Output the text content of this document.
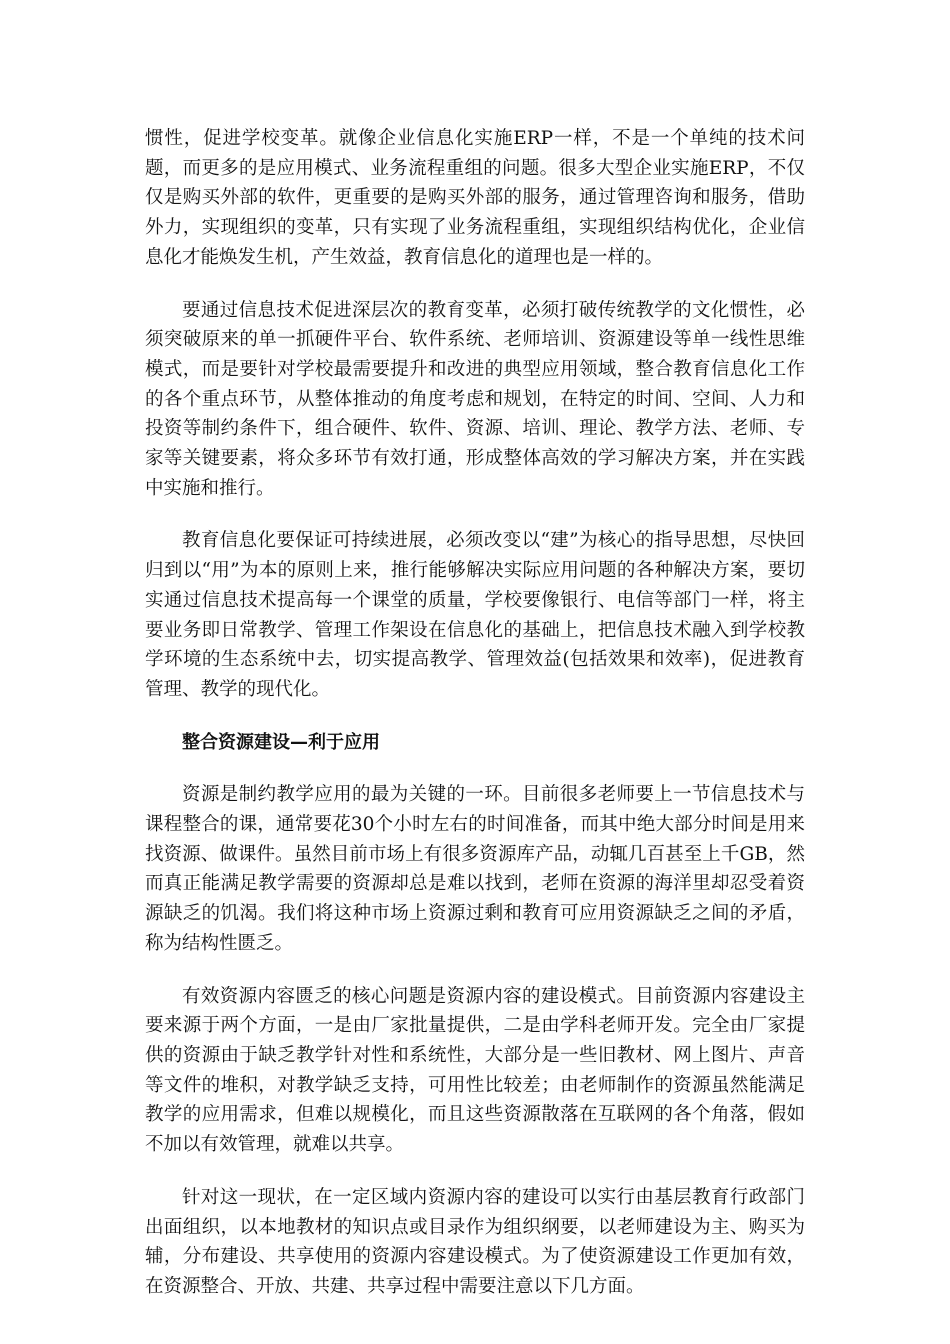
惯性，促进学校变革。就像企业信息化实施ERP一样，不是一个单纯的技术问题，而更多的是应用模式、业务流程重组的问题。很多大型企业实施ERP，不仅仅是购买外部的软件，更重要的是购买外部的服务，通过管理咨询和服务，借助外力，实现组织的变革，只有实现了业务流程重组，实现组织结构优化，企业信息化才能焕发生机，产生效益，教育信息化的道理也是一样的。

要通过信息技术促进深层次的教育变革，必须打破传统教学的文化惯性，必须突破原来的单一抓硬件平台、软件系统、老师培训、资源建设等单一线性思维模式，而是要针对学校最需要提升和改进的典型应用领域，整合教育信息化工作的各个重点环节，从整体推动的角度考虑和规划，在特定的时间、空间、人力和投资等制约条件下，组合硬件、软件、资源、培训、理论、教学方法、老师、专家等关键要素，将众多环节有效打通，形成整体高效的学习解决方案，并在实践中实施和推行。

教育信息化要保证可持续进展，必须改变以“建”为核心的指导思想，尽快回归到以“用”为本的原则上来，推行能够解决实际应用问题的各种解决方案，要切实通过信息技术提高每一个课堂的质量，学校要像银行、电信等部门一样，将主要业务即日常教学、管理工作架设在信息化的基础上，把信息技术融入到学校教学环境的生态系统中去，切实提高教学、管理效益(包括效果和效率)，促进教育管理、教学的现代化。

整合资源建设—利于应用

资源是制约教学应用的最为关键的一环。目前很多老师要上一节信息技术与课程整合的课，通常要花30个小时左右的时间准备，而其中绝大部分时间是用来找资源、做课件。虽然目前市场上有很多资源库产品，动辄几百甚至上千GB，然而真正能满足教学需要的资源却总是难以找到，老师在资源的海洋里却忍受着资源缺乏的饥渴。我们将这种市场上资源过剩和教育可应用资源缺乏之间的矛盾，称为结构性匮乏。

有效资源内容匮乏的核心问题是资源内容的建设模式。目前资源内容建设主要来源于两个方面，一是由厂家批量提供，二是由学科老师开发。完全由厂家提供的资源由于缺乏教学针对性和系统性，大部分是一些旧教材、网上图片、声音等文件的堆积，对教学缺乏支持，可用性比较差；由老师制作的资源虽然能满足教学的应用需求，但难以规模化，而且这些资源散落在互联网的各个角落，假如不加以有效管理，就难以共享。

针对这一现状，在一定区域内资源内容的建设可以实行由基层教育行政部门出面组织，以本地教材的知识点或目录作为组织纲要，以老师建设为主、购买为辅，分布建设、共享使用的资源内容建设模式。为了使资源建设工作更加有效，在资源整合、开放、共建、共享过程中需要注意以下几方面。
